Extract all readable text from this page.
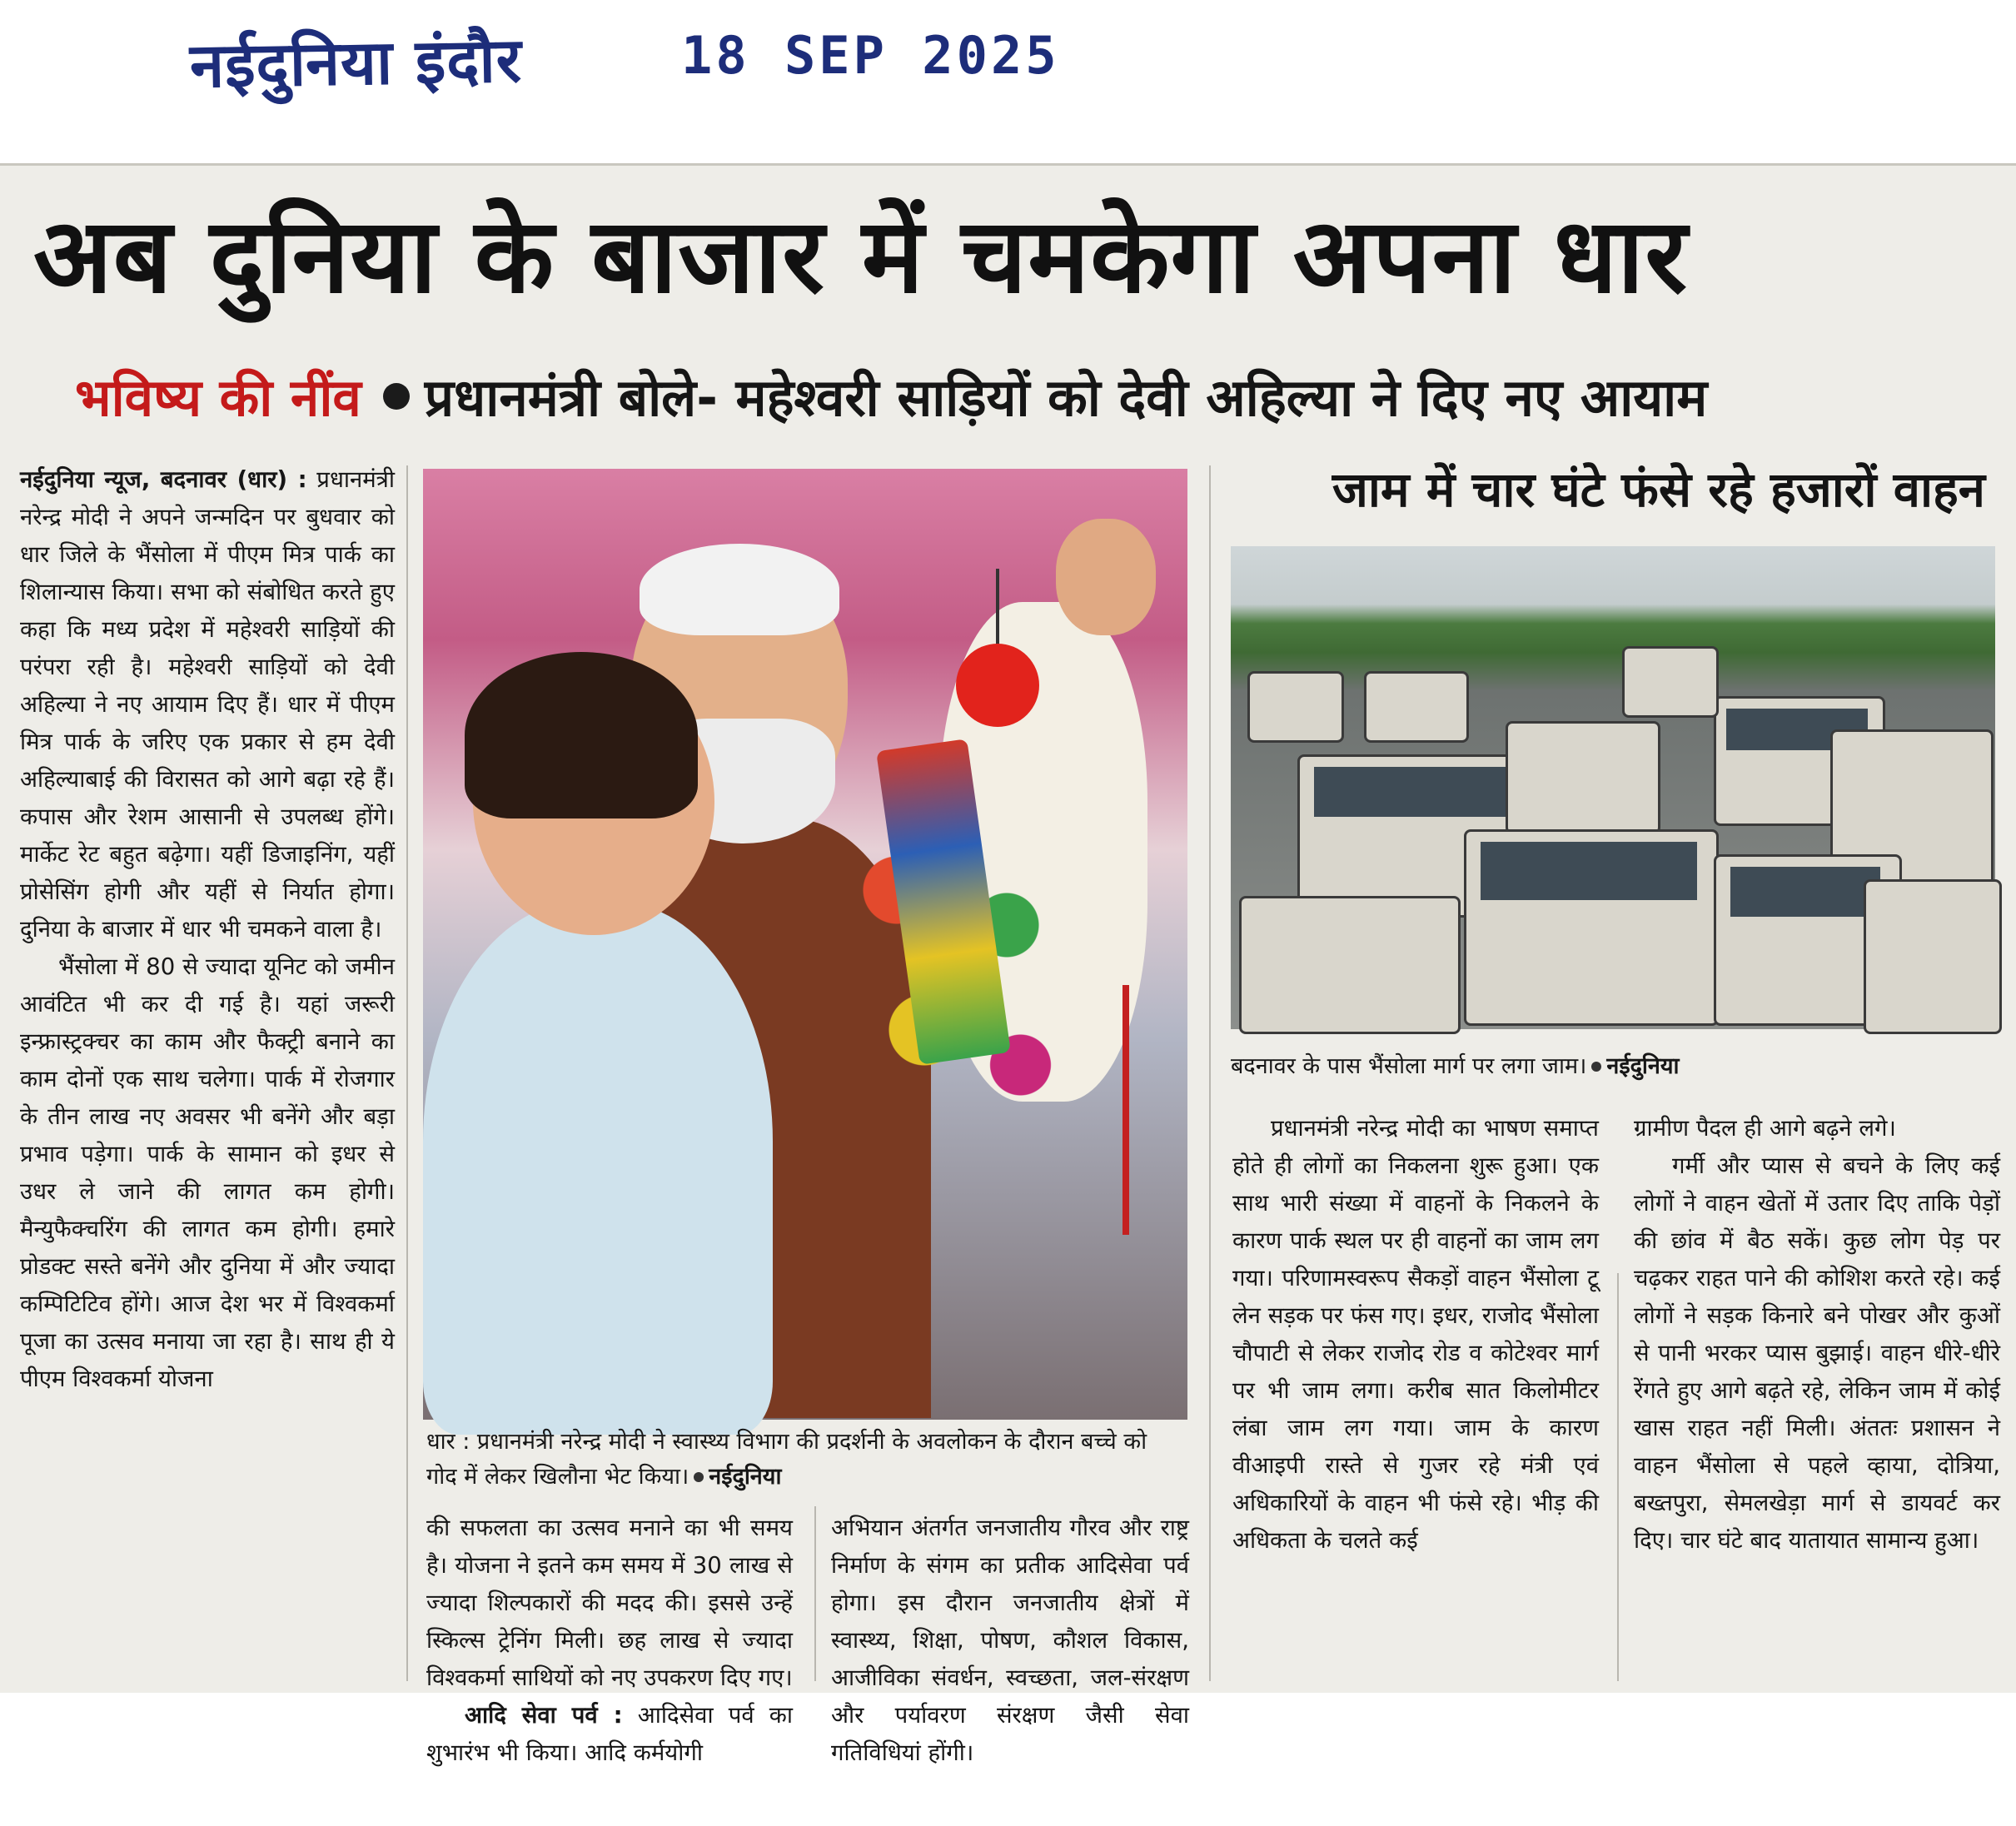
नईदुनिया इंदौर	18 SEP 2025
अब दुनिया के बाजार में चमकेगा अपना धार
भविष्य की नींव प्रधानमंत्री बोले- महेश्वरी साड़ियों को देवी अहिल्या ने दिए नए आयाम

नईदुनिया न्यूज, बदनावर (धार) : प्रधानमंत्री नरेन्द्र मोदी ने अपने जन्मदिन पर बुधवार को धार जिले के भैंसोला में पीएम मित्र पार्क का शिलान्यास किया। सभा को संबोधित करते हुए कहा कि मध्य प्रदेश में महेश्वरी साड़ियों की परंपरा रही है। महेश्वरी साड़ियों को देवी अहिल्या ने नए आयाम दिए हैं। धार में पीएम मित्र पार्क के जरिए एक प्रकार से हम देवी अहिल्याबाई की विरासत को आगे बढ़ा रहे हैं। कपास और रेशम आसानी से उपलब्ध होंगे। मार्केट रेट बहुत बढ़ेगा। यहीं डिजाइनिंग, यहीं प्रोसेसिंग होगी और यहीं से निर्यात होगा। दुनिया के बाजार में धार भी चमकने वाला है।

भैंसोला में 80 से ज्यादा यूनिट को जमीन आवंटित भी कर दी गई है। यहां जरूरी इन्फ्रास्ट्रक्चर का काम और फैक्ट्री बनाने का काम दोनों एक साथ चलेगा। पार्क में रोजगार के तीन लाख नए अवसर भी बनेंगे और बड़ा प्रभाव पड़ेगा। पार्क के सामान को इधर से उधर ले जाने की लागत कम होगी। मैन्युफैक्चरिंग की लागत कम होगी। हमारे प्रोडक्ट सस्ते बनेंगे और दुनिया में और ज्यादा कम्पिटिटिव होंगे। आज देश भर में विश्वकर्मा पूजा का उत्सव मनाया जा रहा है। साथ ही ये पीएम विश्वकर्मा योजना

धार : प्रधानमंत्री नरेन्द्र मोदी ने स्वास्थ्य विभाग की प्रदर्शनी के अवलोकन के दौरान बच्चे को गोद में लेकर खिलौना भेट किया। नईदुनिया

की सफलता का उत्सव मनाने का भी समय है। योजना ने इतने कम समय में 30 लाख से ज्यादा शिल्पकारों की मदद की। इससे उन्हें स्किल्स ट्रेनिंग मिली। छह लाख से ज्यादा विश्वकर्मा साथियों को नए उपकरण दिए गए।

आदि सेवा पर्व : आदिसेवा पर्व का शुभारंभ भी किया। आदि कर्मयोगी

अभियान अंतर्गत जनजातीय गौरव और राष्ट्र निर्माण के संगम का प्रतीक आदिसेवा पर्व होगा। इस दौरान जनजातीय क्षेत्रों में स्वास्थ्य, शिक्षा, पोषण, कौशल विकास, आजीविका संवर्धन, स्वच्छता, जल-संरक्षण और पर्यावरण संरक्षण जैसी सेवा गतिविधियां होंगी।

जाम में चार घंटे फंसे रहे हजारों वाहन

बदनावर के पास भैंसोला मार्ग पर लगा जाम। नईदुनिया

प्रधानमंत्री नरेन्द्र मोदी का भाषण समाप्त होते ही लोगों का निकलना शुरू हुआ। एक साथ भारी संख्या में वाहनों के निकलने के कारण पार्क स्थल पर ही वाहनों का जाम लग गया। परिणामस्वरूप सैकड़ों वाहन भैंसोला टू लेन सड़क पर फंस गए। इधर, राजोद भैंसोला चौपाटी से लेकर राजोद रोड व कोटेश्वर मार्ग पर भी जाम लगा। करीब सात किलोमीटर लंबा जाम लग गया। जाम के कारण वीआइपी रास्ते से गुजर रहे मंत्री एवं अधिकारियों के वाहन भी फंसे रहे। भीड़ की अधिकता के चलते कई

ग्रामीण पैदल ही आगे बढ़ने लगे।

गर्मी और प्यास से बचने के लिए कई लोगों ने वाहन खेतों में उतार दिए ताकि पेड़ों की छांव में बैठ सकें। कुछ लोग पेड़ पर चढ़कर राहत पाने की कोशिश करते रहे। कई लोगों ने सड़क किनारे बने पोखर और कुओं से पानी भरकर प्यास बुझाई। वाहन धीरे-धीरे रेंगते हुए आगे बढ़ते रहे, लेकिन जाम में कोई खास राहत नहीं मिली। अंततः प्रशासन ने वाहन भैंसोला से पहले व्हाया, दोत्रिया, बख्तपुरा, सेमलखेड़ा मार्ग से डायवर्ट कर दिए। चार घंटे बाद यातायात सामान्य हुआ।
